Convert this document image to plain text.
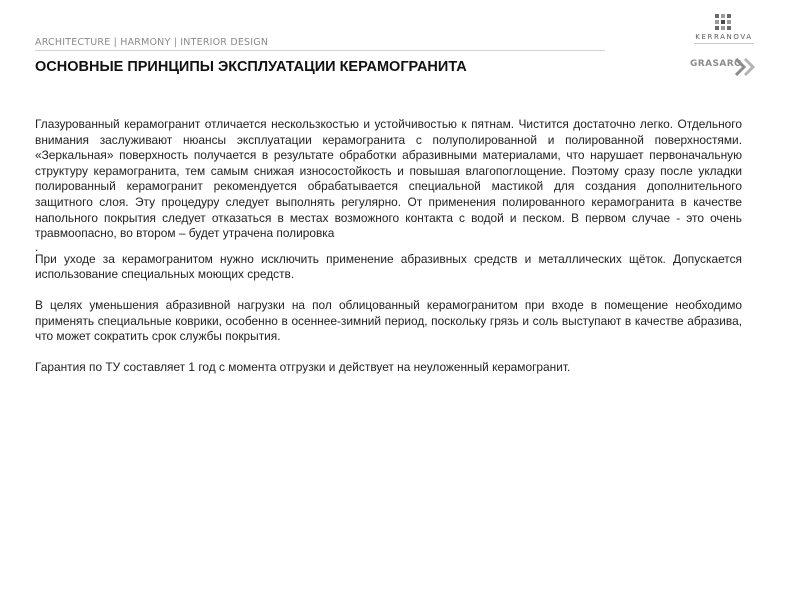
ARCHITECTURE | HARMONY | INTERIOR DESIGN
ОСНОВНЫЕ ПРИНЦИПЫ ЭКСПЛУАТАЦИИ КЕРАМОГРАНИТА
KERRANOVA
GRASARO

Глазурованный керамогранит отличается нескользкостью и устойчивостью к пятнам. Чистится достаточно легко. Отдельного внимания заслуживают нюансы эксплуатации керамогранита с полуполированной и полированной поверхностями. «Зеркальная» поверхность получается в результате обработки абразивными материалами, что нарушает первоначальную структуру керамогранита, тем самым снижая износостойкость и повышая влагопоглощение. Поэтому сразу после укладки полированный керамогранит рекомендуется обрабатывается специальной мастикой для создания дополнительного защитного слоя. Эту процедуру следует выполнять регулярно. От применения полированного керамогранита в качестве напольного покрытия следует отказаться в местах возможного контакта с водой и песком. В первом случае - это очень травмоопасно, во втором – будет утрачена полировка

.

При уходе за керамогранитом нужно исключить применение абразивных средств и металлических щёток. Допускается использование специальных моющих средств.

В целях уменьшения абразивной нагрузки на пол облицованный керамогранитом при входе в помещение необходимо применять специальные коврики, особенно в осеннее-зимний период, поскольку грязь и соль выступают в качестве абразива, что может сократить срок службы покрытия.

Гарантия по ТУ составляет 1 год с момента отгрузки и действует на неуложенный керамогранит.
